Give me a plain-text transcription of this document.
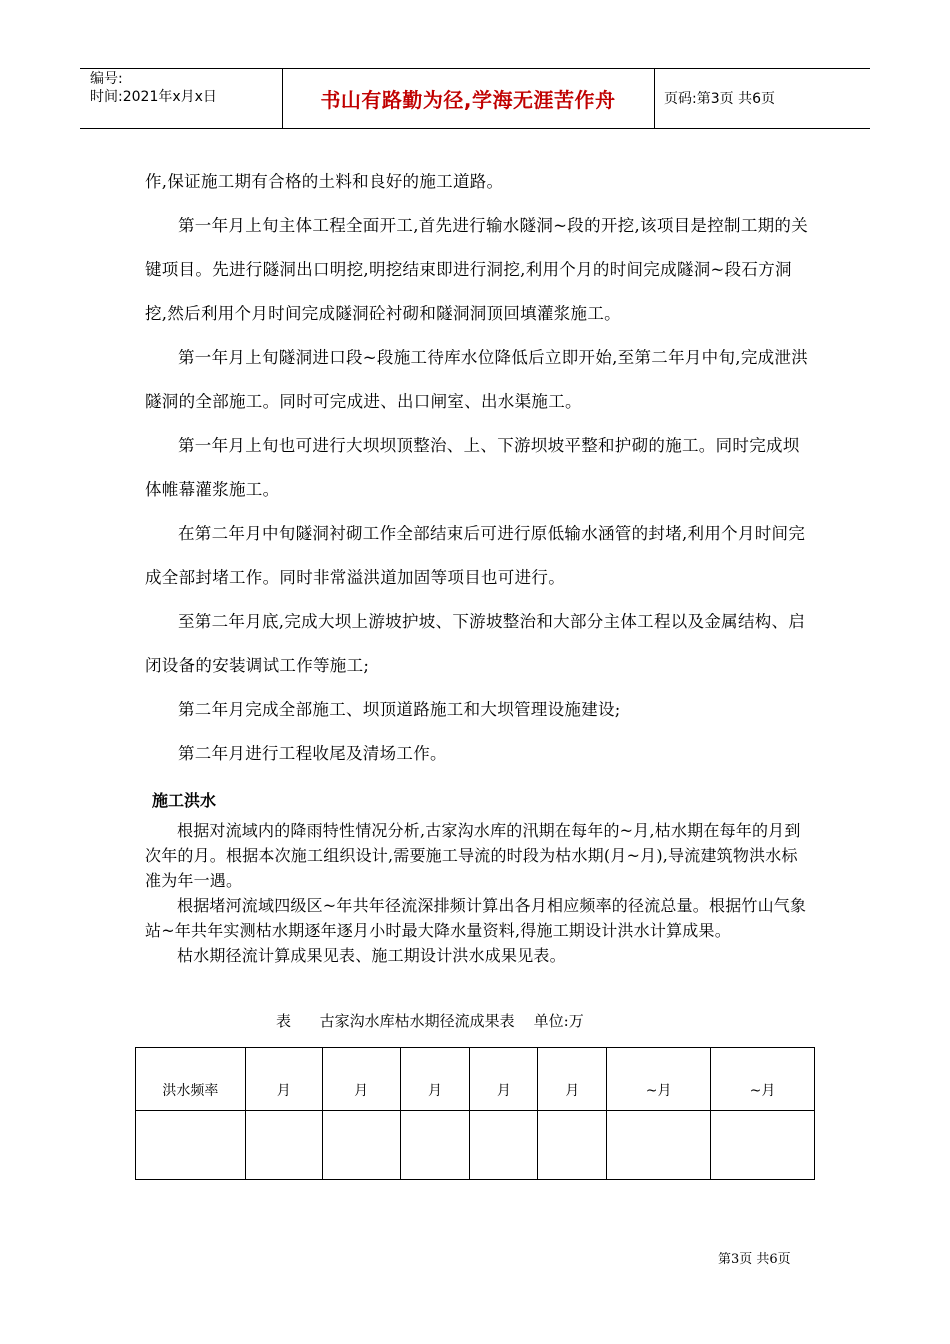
编号:
时间:2021年x月x日	书山有路勤为径,学海无涯苦作舟	页码:第3页 共6页

作,保证施工期有合格的土料和良好的施工道路。

第一年月上旬主体工程全面开工,首先进行输水隧洞~段的开挖,该项目是控制工期的关键项目。先进行隧洞出口明挖,明挖结束即进行洞挖,利用个月的时间完成隧洞~段石方洞挖,然后利用个月时间完成隧洞砼衬砌和隧洞洞顶回填灌浆施工。

第一年月上旬隧洞进口段~段施工待库水位降低后立即开始,至第二年月中旬,完成泄洪隧洞的全部施工。同时可完成进、出口闸室、出水渠施工。

第一年月上旬也可进行大坝坝顶整治、上、下游坝坡平整和护砌的施工。同时完成坝体帷幕灌浆施工。

在第二年月中旬隧洞衬砌工作全部结束后可进行原低输水涵管的封堵,利用个月时间完成全部封堵工作。同时非常溢洪道加固等项目也可进行。

至第二年月底,完成大坝上游坡护坡、下游坡整治和大部分主体工程以及金属结构、启闭设备的安装调试工作等施工;

第二年月完成全部施工、坝顶道路施工和大坝管理设施建设;

第二年月进行工程收尾及清场工作。

施工洪水

根据对流域内的降雨特性情况分析,古家沟水库的汛期在每年的~月,枯水期在每年的月到次年的月。根据本次施工组织设计,需要施工导流的时段为枯水期(月~月),导流建筑物洪水标准为年一遇。

根据堵河流域四级区~年共年径流深排频计算出各月相应频率的径流总量。根据竹山气象站~年共年实测枯水期逐年逐月小时最大降水量资料,得施工期设计洪水计算成果。

枯水期径流计算成果见表、施工期设计洪水成果见表。

表      古家沟水库枯水期径流成果表    单位:万
洪水频率	月	月	月	月	月	~月	~月

第3页 共6页
